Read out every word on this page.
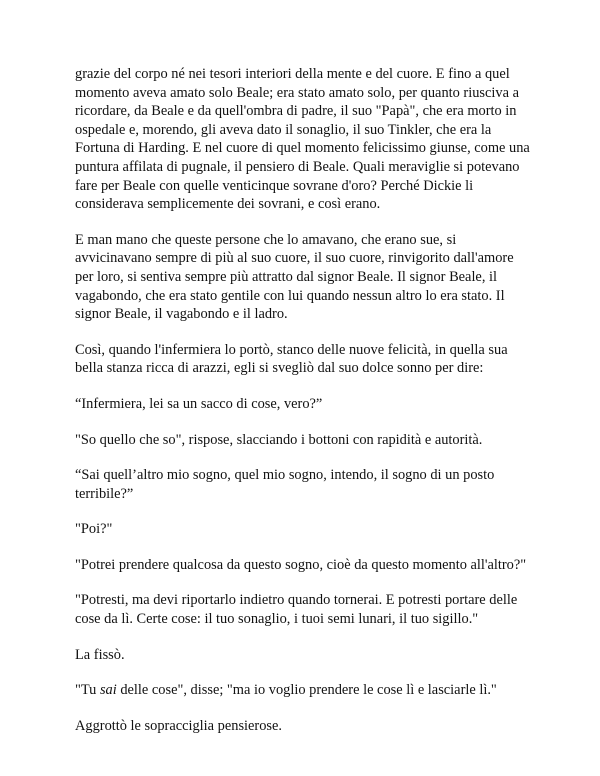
grazie del corpo né nei tesori interiori della mente e del cuore. E fino a quel momento aveva amato solo Beale; era stato amato solo, per quanto riusciva a ricordare, da Beale e da quell'ombra di padre, il suo "Papà", che era morto in ospedale e, morendo, gli aveva dato il sonaglio, il suo Tinkler, che era la Fortuna di Harding. E nel cuore di quel momento felicissimo giunse, come una puntura affilata di pugnale, il pensiero di Beale. Quali meraviglie si potevano fare per Beale con quelle venticinque sovrane d'oro? Perché Dickie li considerava semplicemente dei sovrani, e così erano.

E man mano che queste persone che lo amavano, che erano sue, si avvicinavano sempre di più al suo cuore, il suo cuore, rinvigorito dall'amore per loro, si sentiva sempre più attratto dal signor Beale. Il signor Beale, il vagabondo, che era stato gentile con lui quando nessun altro lo era stato. Il signor Beale, il vagabondo e il ladro.

Così, quando l'infermiera lo portò, stanco delle nuove felicità, in quella sua bella stanza ricca di arazzi, egli si svegliò dal suo dolce sonno per dire:

“Infermiera, lei sa un sacco di cose, vero?”

"So quello che so", rispose, slacciando i bottoni con rapidità e autorità.

“Sai quell’altro mio sogno, quel mio sogno, intendo, il sogno di un posto terribile?”

"Poi?"

"Potrei prendere qualcosa da questo sogno, cioè da questo momento all'altro?"

"Potresti, ma devi riportarlo indietro quando tornerai. E potresti portare delle cose da lì. Certe cose: il tuo sonaglio, i tuoi semi lunari, il tuo sigillo."

La fissò.

"Tu sai delle cose", disse; "ma io voglio prendere le cose lì e lasciarle lì."

Aggrottò le sopracciglia pensierose.
